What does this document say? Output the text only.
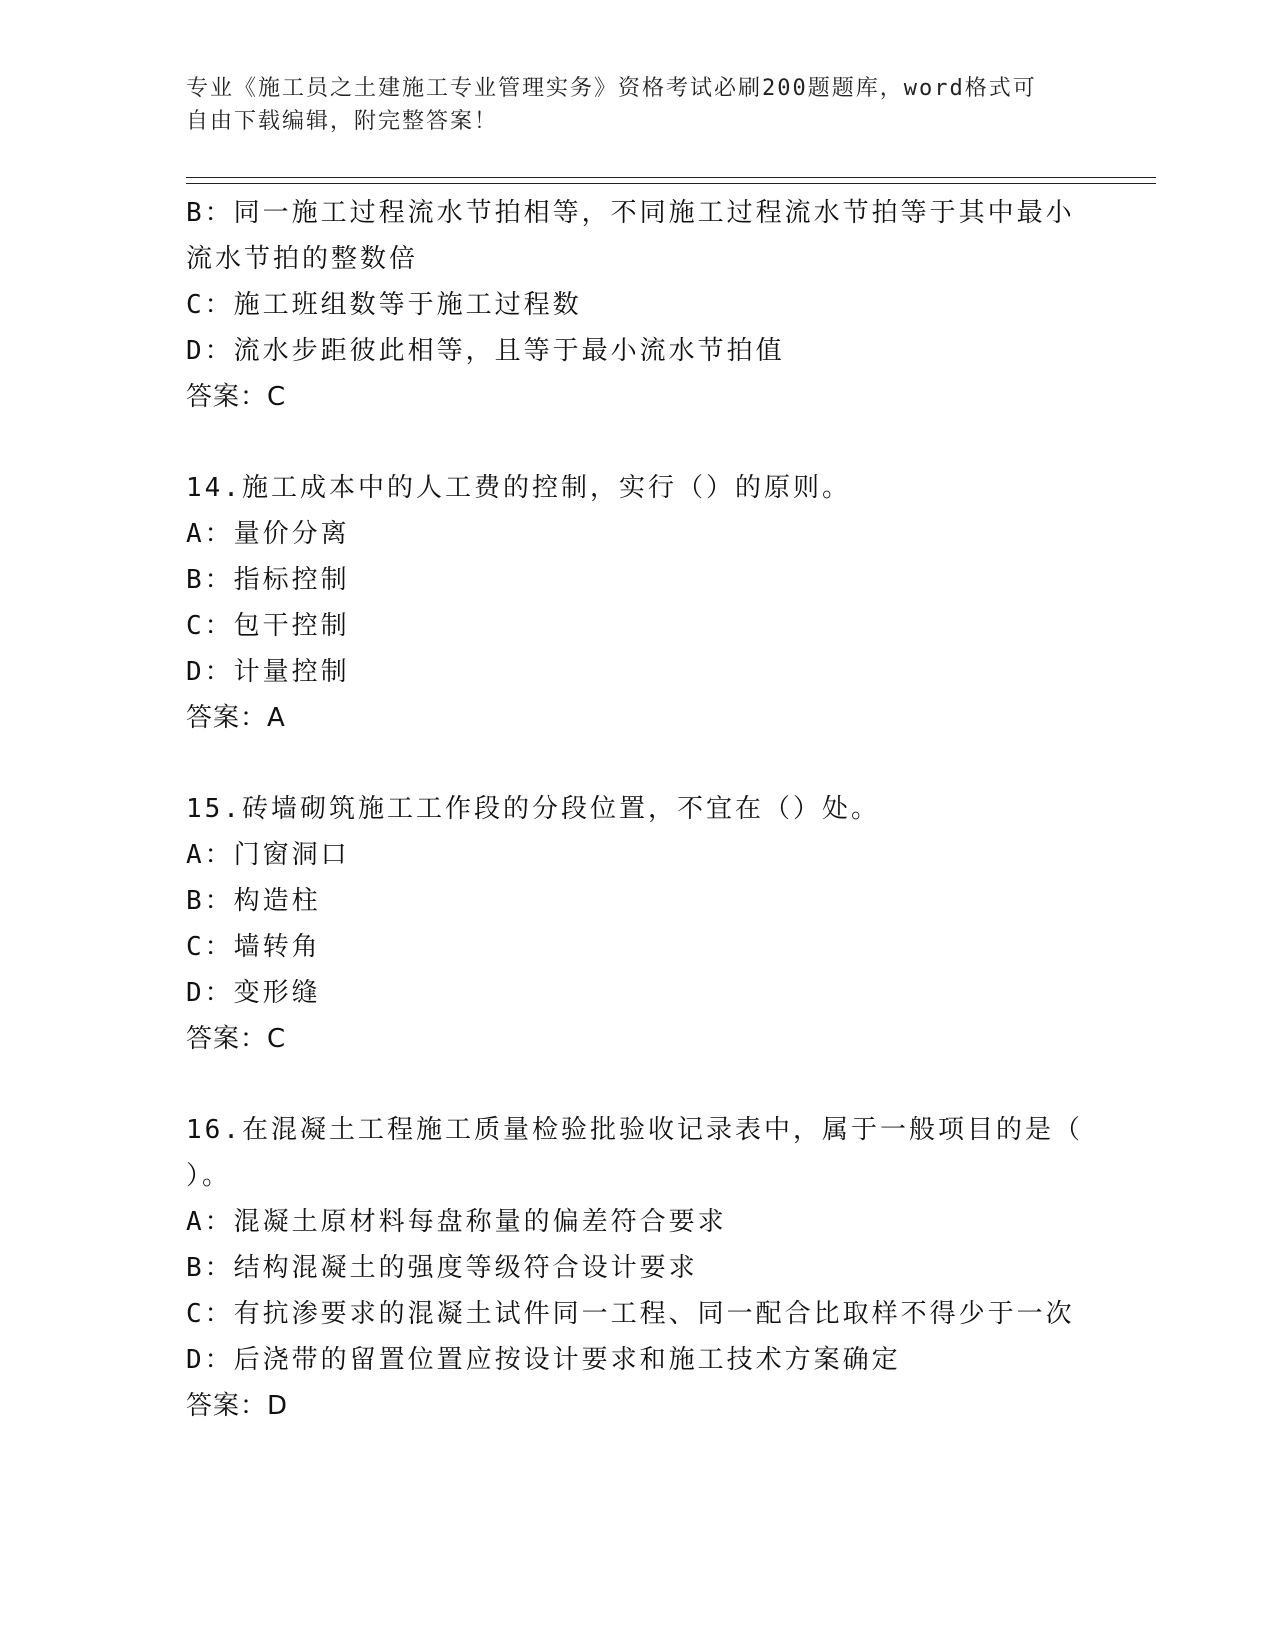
专业《施工员之土建施工专业管理实务》资格考试必刷200题题库，word格式可
自由下载编辑，附完整答案！
B：同一施工过程流水节拍相等，不同施工过程流水节拍等于其中最小
流水节拍的整数倍
C：施工班组数等于施工过程数
D：流水步距彼此相等，且等于最小流水节拍值
答案：C
14.施工成本中的人工费的控制，实行（）的原则。
A：量价分离
B：指标控制
C：包干控制
D：计量控制
答案：A
15.砖墙砌筑施工工作段的分段位置，不宜在（）处。
A：门窗洞口
B：构造柱
C：墙转角
D：变形缝
答案：C
16.在混凝土工程施工质量检验批验收记录表中，属于一般项目的是（
）。
A：混凝土原材料每盘称量的偏差符合要求
B：结构混凝土的强度等级符合设计要求
C：有抗渗要求的混凝土试件同一工程、同一配合比取样不得少于一次
D：后浇带的留置位置应按设计要求和施工技术方案确定
答案：D
